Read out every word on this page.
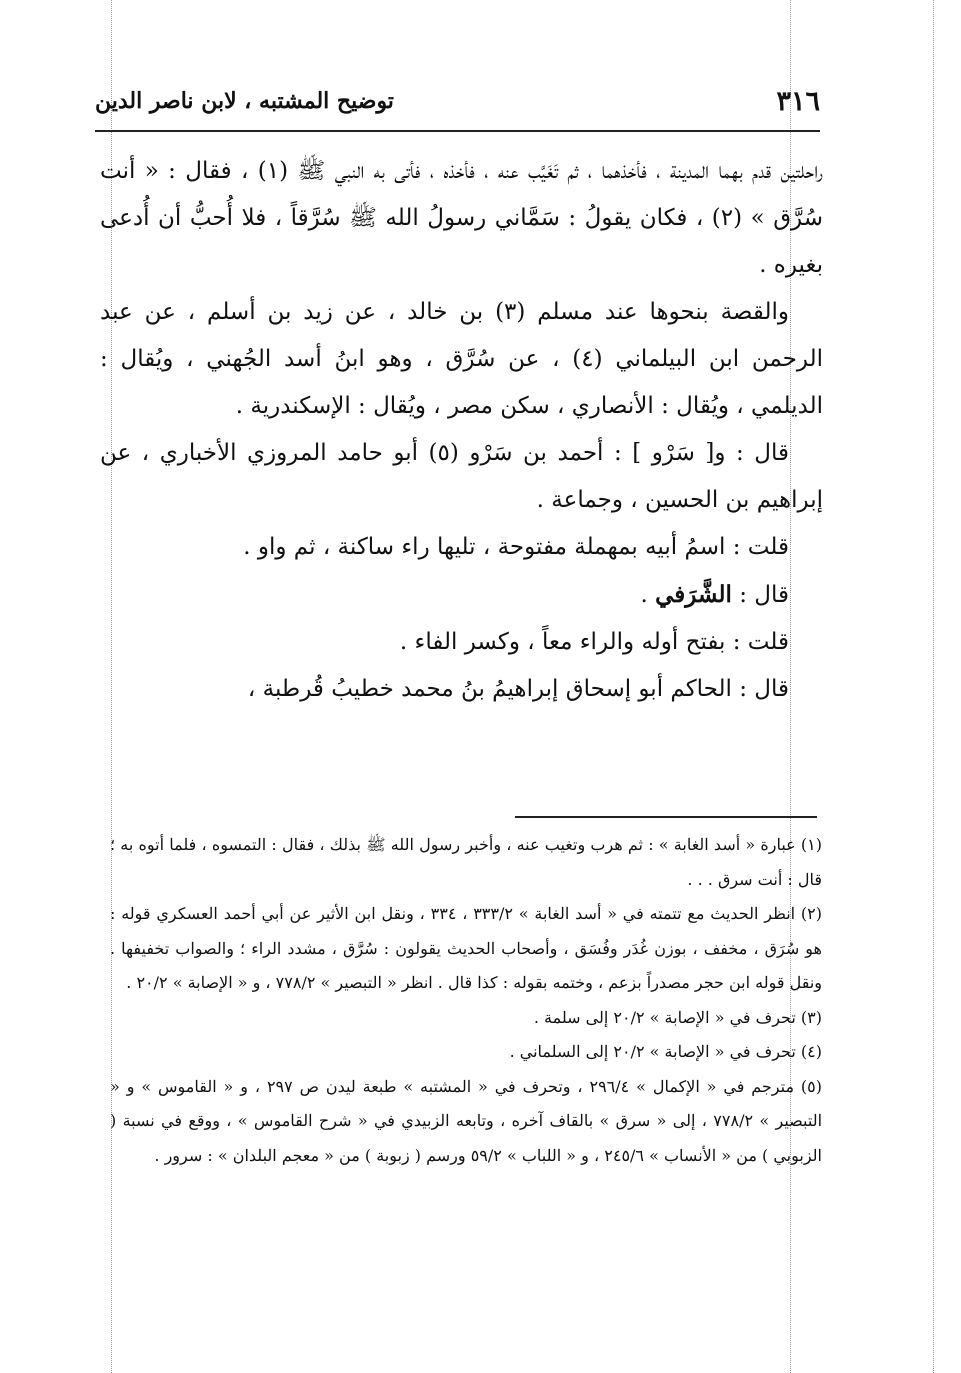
٣١٦
توضيح المشتبه ، لابن ناصر الدين

راحلتين قدم بهما المدينة ، فأخذهما ، ثم تَغَيَّب عنه ، فأخذه ، فأتى به النبي ﷺ (١) ، فقال : « أنت سُرَّق » (٢) ، فكان يقولُ : سَمَّاني رسولُ الله ﷺ سُرَّقاً ، فلا أُحبُّ أن أُدعى بغيره .

والقصة بنحوها عند مسلم (٣) بن خالد ، عن زيد بن أسلم ، عن عبد الرحمن ابن البيلماني (٤) ، عن سُرَّق ، وهو ابنُ أسد الجُهني ، ويُقال : الديلمي ، ويُقال : الأنصاري ، سكن مصر ، ويُقال : الإسكندرية .

قال : و[ سَرْو ] : أحمد بن سَرْو (٥) أبو حامد المروزي الأخباري ، عن إبراهيم بن الحسين ، وجماعة .

قلت : اسمُ أبيه بمهملة مفتوحة ، تليها راء ساكنة ، ثم واو .

قال : الشَّرَفي .

قلت : بفتح أوله والراء معاً ، وكسر الفاء .

قال : الحاكم أبو إسحاق إبراهيمُ بنُ محمد خطيبُ قُرطبة ،

(١) عبارة « أسد الغابة » : ثم هرب وتغيب عنه ، وأخبر رسول الله ﷺ بذلك ، فقال : التمسوه ، فلما أتوه به ؛ قال : أنت سرق . . .

(٢) انظر الحديث مع تتمته في « أسد الغابة » ٣٣٣/٢ ، ٣٣٤ ، ونقل ابن الأثير عن أبي أحمد العسكري قوله : هو سُرَق ، مخفف ، بوزن غُدَر وفُسَق ، وأصحاب الحديث يقولون : سُرَّق ، مشدد الراء ؛ والصواب تخفيفها . ونقل قوله ابن حجر مصدراً بزعم ، وختمه بقوله : كذا قال . انظر « التبصير » ٧٧٨/٢ ، و « الإصابة » ٢٠/٢ .

(٣) تحرف في « الإصابة » ٢٠/٢ إلى سلمة .

(٤) تحرف في « الإصابة » ٢٠/٢ إلى السلماني .

(٥) مترجم في « الإكمال » ٢٩٦/٤ ، وتحرف في « المشتبه » طبعة ليدن ص ٢٩٧ ، و « القاموس » و « التبصير » ٧٧٨/٢ ، إلى « سرق » بالقاف آخره ، وتابعه الزبيدي في « شرح القاموس » ، ووقع في نسبة ( الزبوبي ) من « الأنساب » ٢٤٥/٦ ، و « اللباب » ٥٩/٢ ورسم ( زبوبة ) من « معجم البلدان » : سرور .
